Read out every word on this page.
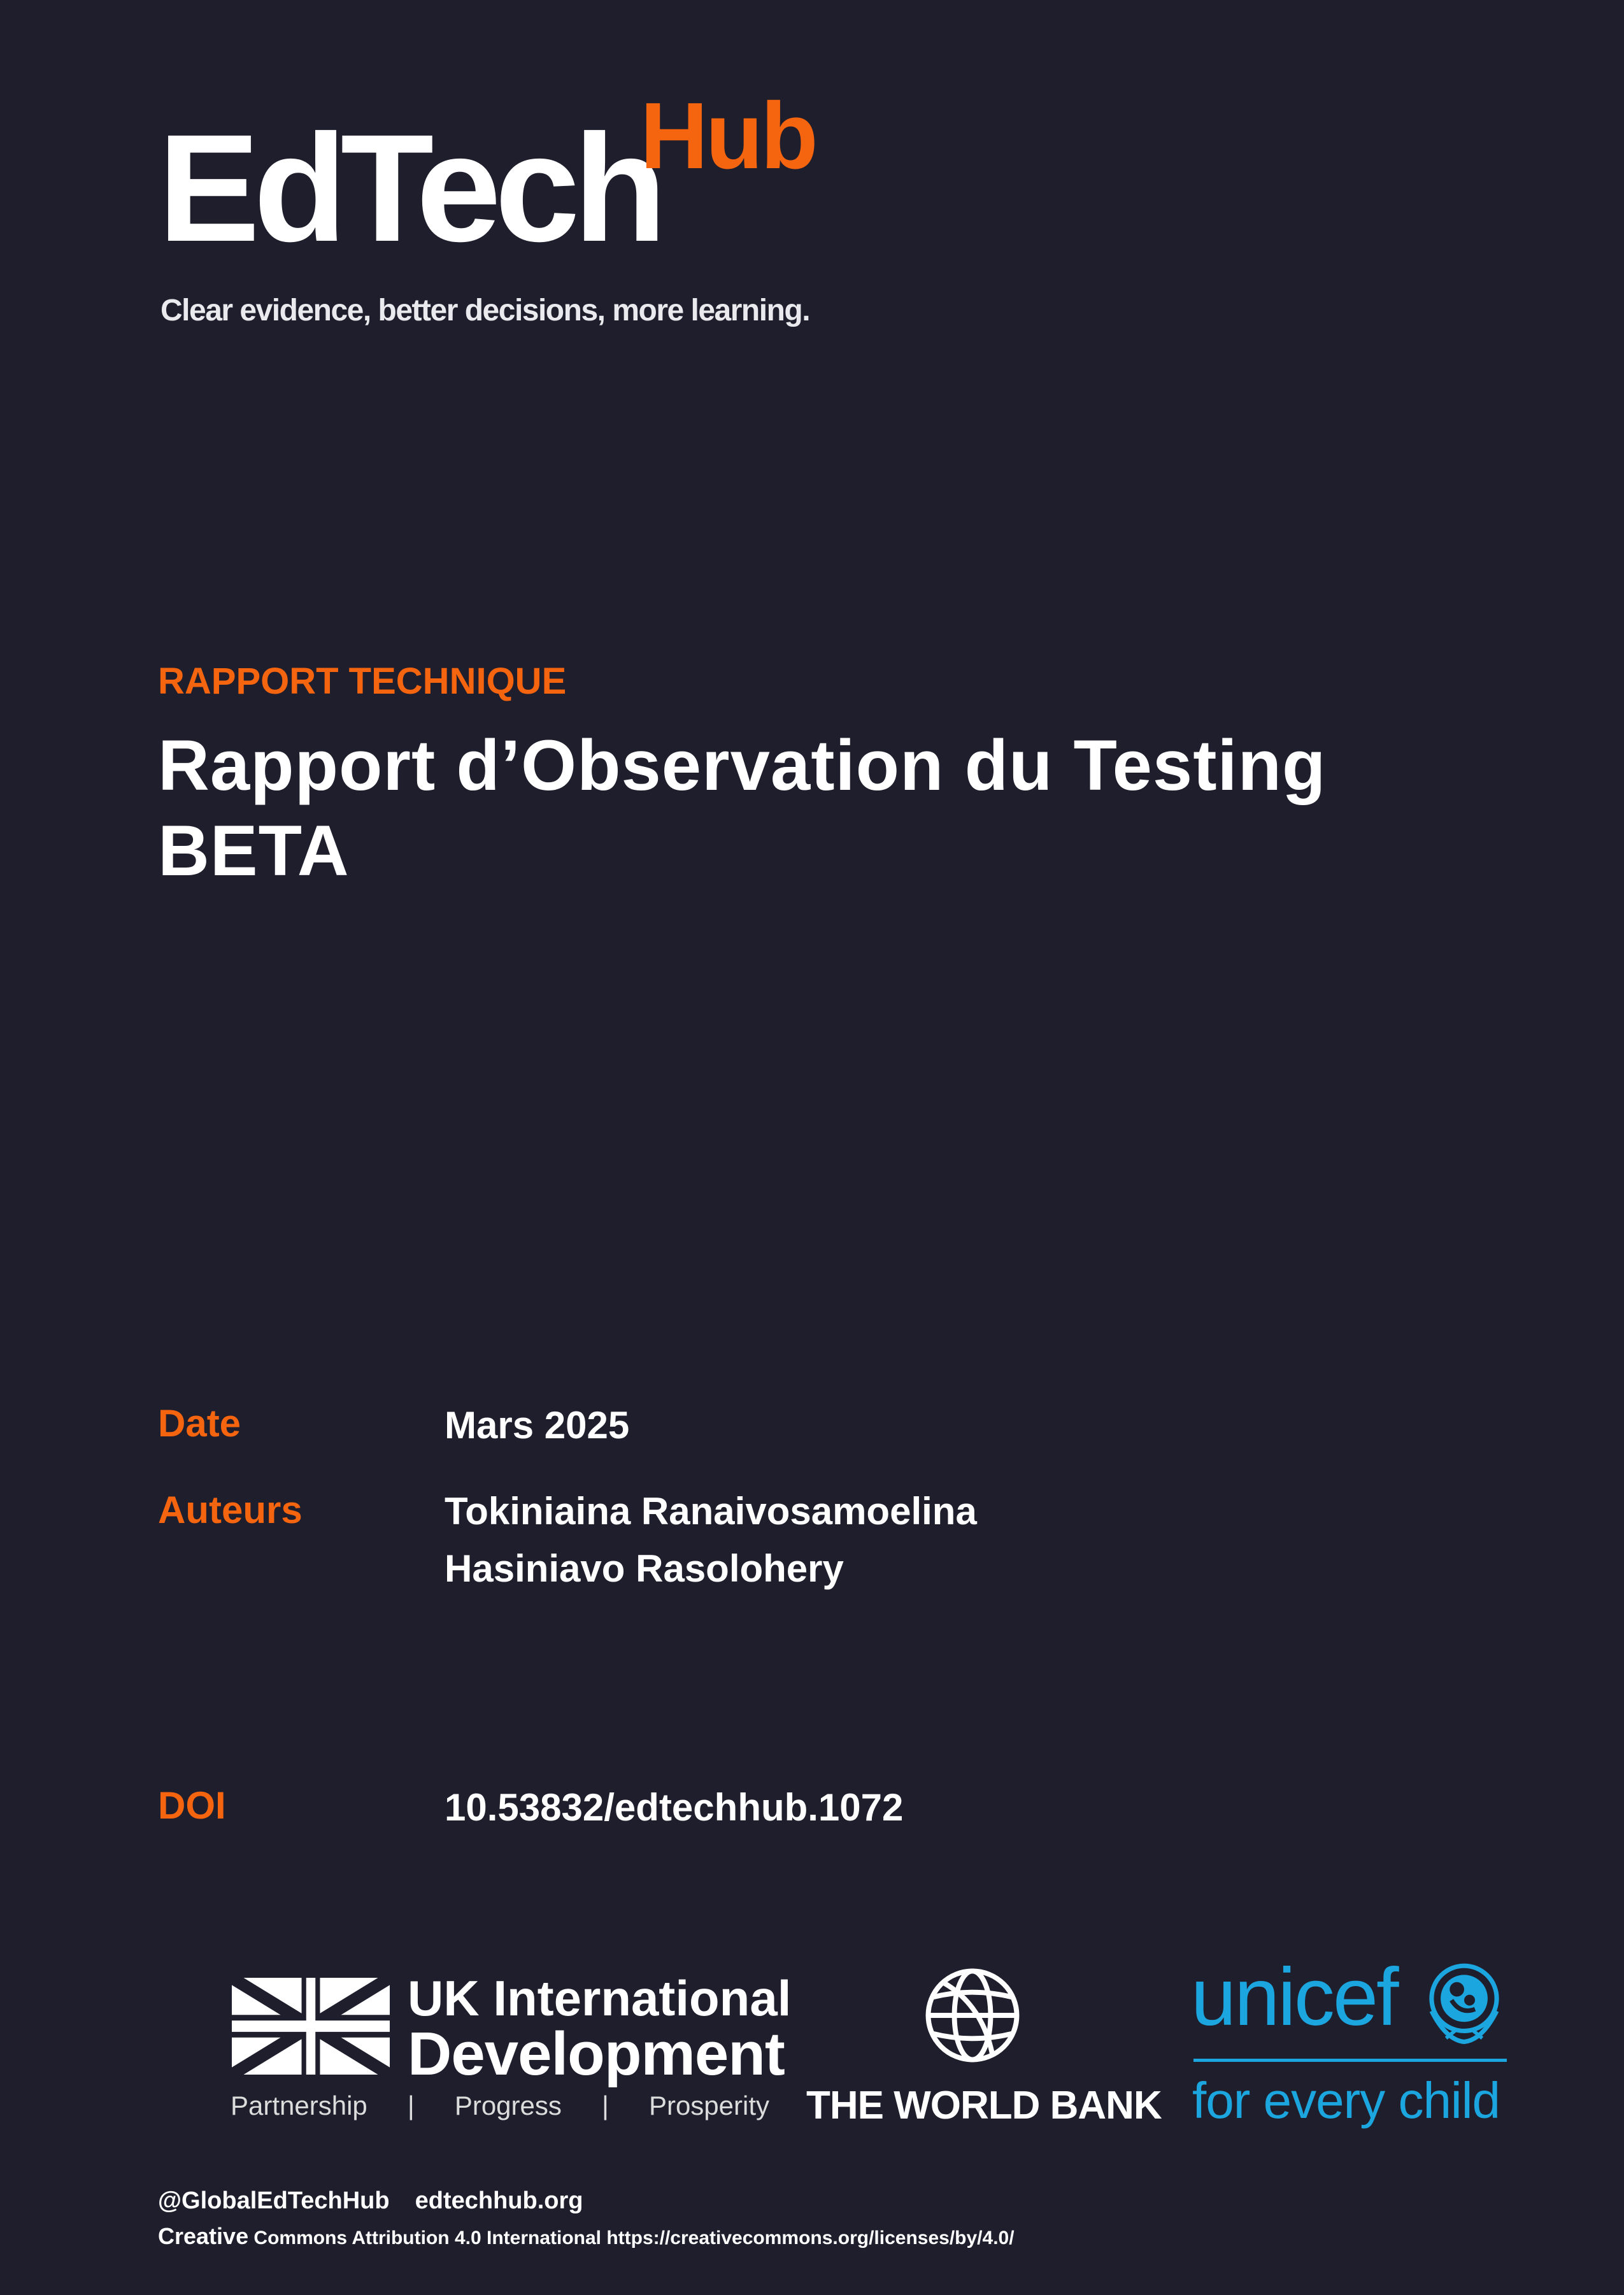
EdTech
Hub
Clear evidence, better decisions, more learning.
RAPPORT TECHNIQUE
Rapport d’Observation du Testing
BETA
Date	Mars 2025
Auteurs	Tokiniaina Ranaivosamoelina
Hasiniavo Rasolohery
DOI	10.53832/edtechhub.1072
UK International
Development
Partnership | Progress | Prosperity THE WORLD BANK
unicef
for every child
@GlobalEdTechHub edtechhub.org
Creative Commons Attribution 4.0 International https://creativecommons.org/licenses/by/4.0/
